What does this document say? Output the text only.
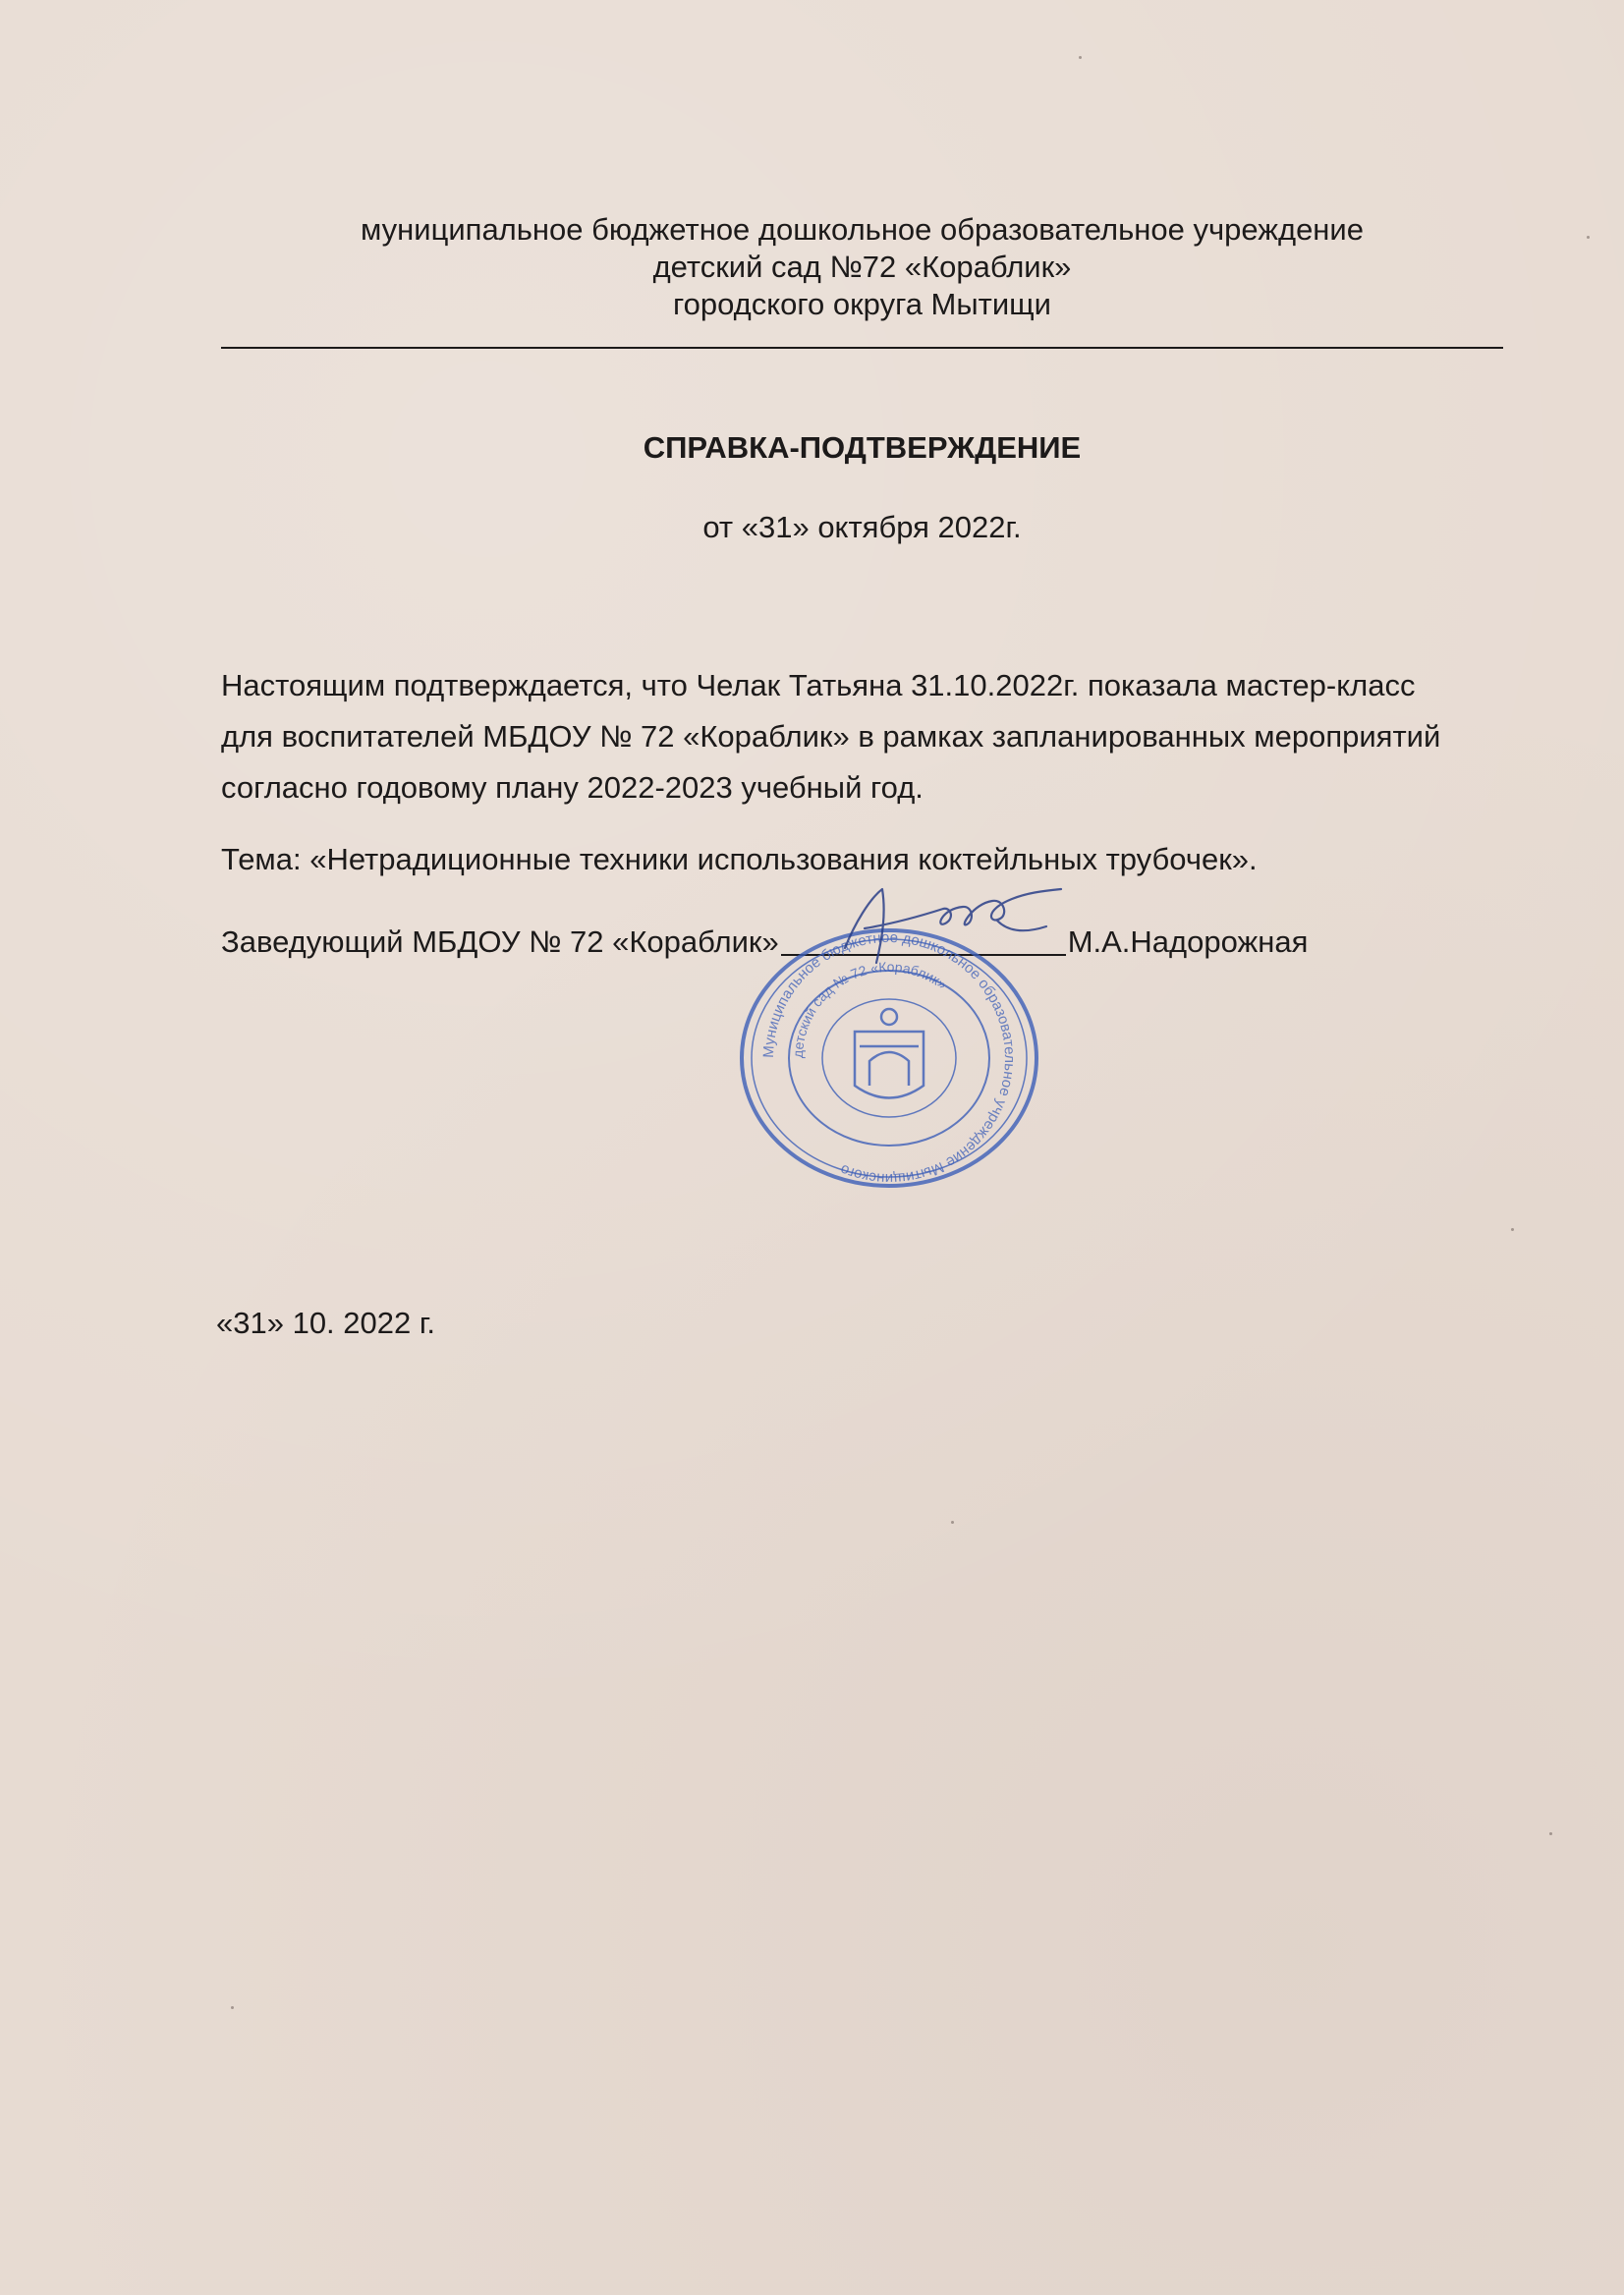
муниципальное бюджетное дошкольное образовательное учреждение
детский сад №72 «Кораблик»
городского округа Мытищи
СПРАВКА-ПОДТВЕРЖДЕНИЕ
от «31» октября 2022г.
Настоящим подтверждается, что Челак Татьяна 31.10.2022г. показала мастер-класс
для воспитателей МБДОУ № 72 «Кораблик» в рамках запланированных мероприятий
согласно годовому плану 2022-2023 учебный год.
Тема: «Нетрадиционные техники использования коктейльных трубочек».
Заведующий МБДОУ № 72 «Кораблик»	М.А.Надорожная
Муниципальное бюджетное дошкольное образовательное учреждение Мытищинского
детский сад № 72 «Кораблик»
«31» 10. 2022 г.
